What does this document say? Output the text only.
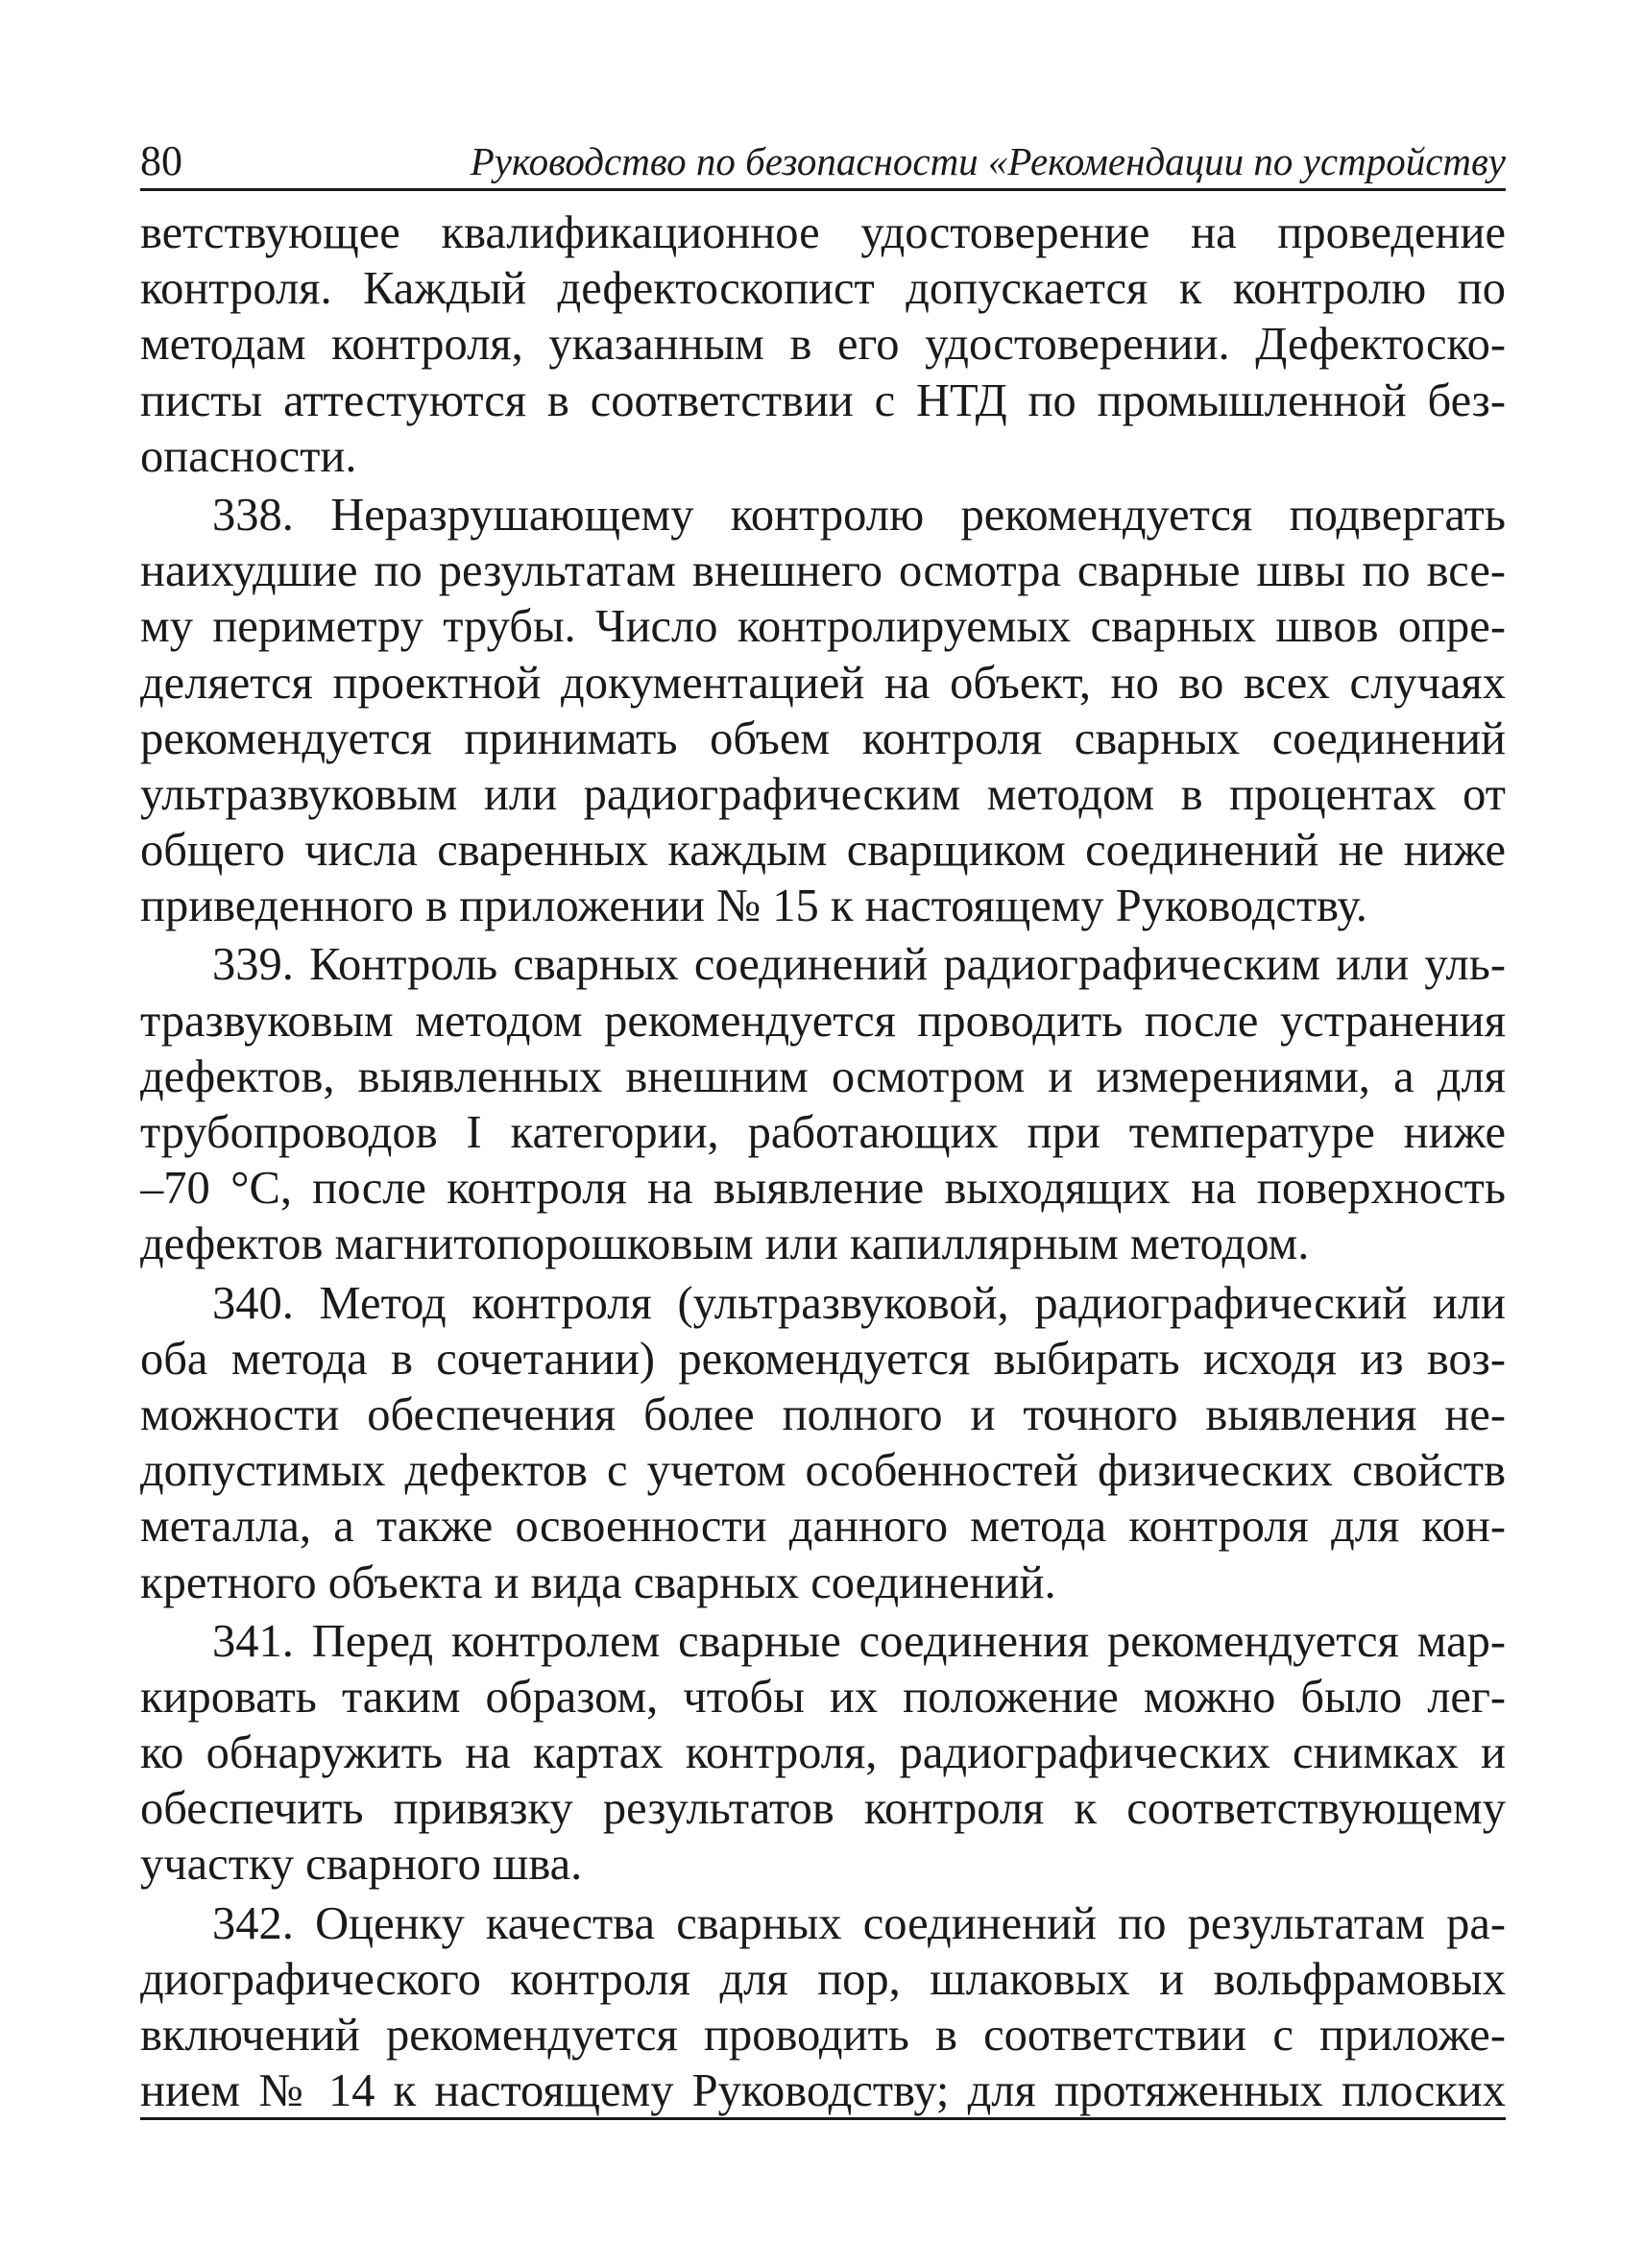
80	Руководство по безопасности «Рекомендации по устройству
ветствующее квалификационное удостоверение на проведение
контроля. Каждый дефектоскопист допускается к контролю по
методам контроля, указанным в его удостоверении. Дефектоско-
писты аттестуются в соответствии с НТД по промышленной без-
опасности.
338. Неразрушающему контролю рекомендуется подвергать
наихудшие по результатам внешнего осмотра сварные швы по все-
му периметру трубы. Число контролируемых сварных швов опре-
деляется проектной документацией на объект, но во всех случаях
рекомендуется принимать объем контроля сварных соединений
ультразвуковым или радиографическим методом в процентах от
общего числа сваренных каждым сварщиком соединений не ниже
приведенного в приложении № 15 к настоящему Руководству.
339. Контроль сварных соединений радиографическим или уль-
тразвуковым методом рекомендуется проводить после устранения
дефектов, выявленных внешним осмотром и измерениями, а для
трубопроводов I категории, работающих при температуре ниже
–70 °С, после контроля на выявление выходящих на поверхность
дефектов магнитопорошковым или капиллярным методом.
340. Метод контроля (ультразвуковой, радиографический или
оба метода в сочетании) рекомендуется выбирать исходя из воз-
можности обеспечения более полного и точного выявления не-
допустимых дефектов с учетом особенностей физических свойств
металла, а также освоенности данного метода контроля для кон-
кретного объекта и вида сварных соединений.
341. Перед контролем сварные соединения рекомендуется мар-
кировать таким образом, чтобы их положение можно было лег-
ко обнаружить на картах контроля, радиографических снимках и
обеспечить привязку результатов контроля к соответствующему
участку сварного шва.
342. Оценку качества сварных соединений по результатам ра-
диографического контроля для пор, шлаковых и вольфрамовых
включений рекомендуется проводить в соответствии с приложе-
нием № 14 к настоящему Руководству; для протяженных плоских
